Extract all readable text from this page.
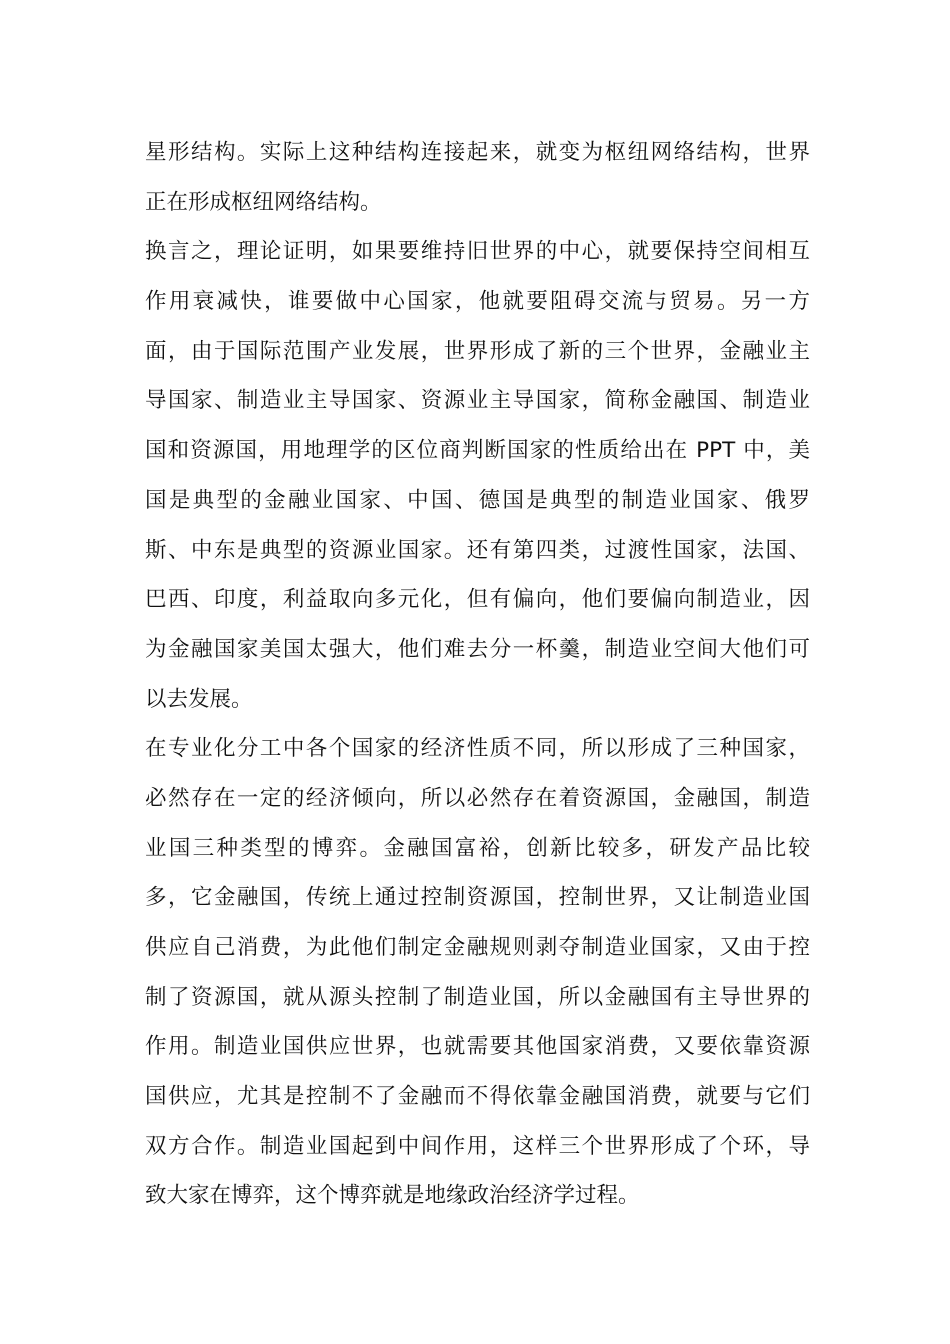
星形结构。实际上这种结构连接起来，就变为枢纽网络结构，世界
正在形成枢纽网络结构。
换言之，理论证明，如果要维持旧世界的中心，就要保持空间相互
作用衰减快，谁要做中心国家，他就要阻碍交流与贸易。另一方
面，由于国际范围产业发展，世界形成了新的三个世界，金融业主
导国家、制造业主导国家、资源业主导国家，简称金融国、制造业
国和资源国，用地理学的区位商判断国家的性质给出在 PPT 中，美
国是典型的金融业国家、中国、德国是典型的制造业国家、俄罗
斯、中东是典型的资源业国家。还有第四类，过渡性国家，法国、
巴西、印度，利益取向多元化，但有偏向，他们要偏向制造业，因
为金融国家美国太强大，他们难去分一杯羹，制造业空间大他们可
以去发展。
在专业化分工中各个国家的经济性质不同，所以形成了三种国家，
必然存在一定的经济倾向，所以必然存在着资源国，金融国，制造
业国三种类型的博弈。金融国富裕，创新比较多，研发产品比较
多，它金融国，传统上通过控制资源国，控制世界，又让制造业国
供应自己消费，为此他们制定金融规则剥夺制造业国家，又由于控
制了资源国，就从源头控制了制造业国，所以金融国有主导世界的
作用。制造业国供应世界，也就需要其他国家消费，又要依靠资源
国供应，尤其是控制不了金融而不得依靠金融国消费，就要与它们
双方合作。制造业国起到中间作用，这样三个世界形成了个环，导
致大家在博弈，这个博弈就是地缘政治经济学过程。
